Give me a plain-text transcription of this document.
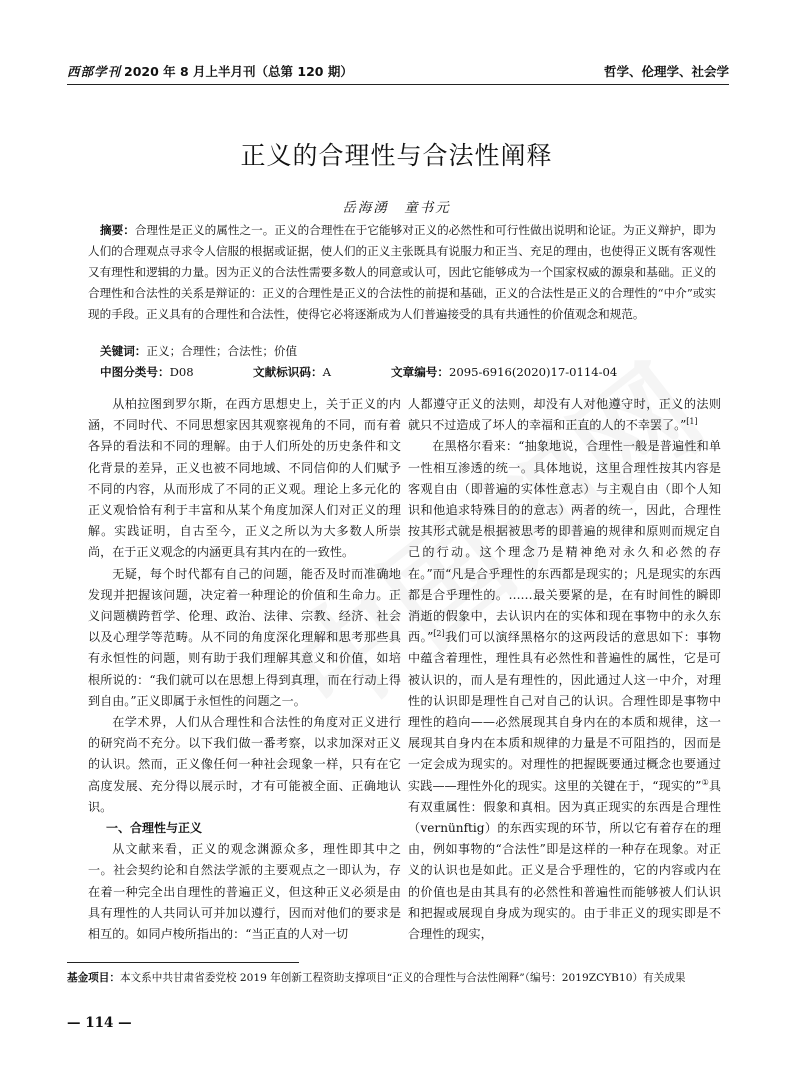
西部学刊 2020 年 8 月上半月刊（总第 120 期）	哲学、伦理学、社会学
正义的合理性与合法性阐释
岳海湧　童书元
摘要：合理性是正义的属性之一。正义的合理性在于它能够对正义的必然性和可行性做出说明和论证。为正义辩护，即为人们的合理观点寻求令人信服的根据或证据，使人们的正义主张既具有说服力和正当、充足的理由，也使得正义既有客观性又有理性和逻辑的力量。因为正义的合法性需要多数人的同意或认可，因此它能够成为一个国家权威的源泉和基础。正义的合理性和合法性的关系是辩证的：正义的合理性是正义的合法性的前提和基础，正义的合法性是正义的合理性的“中介”或实现的手段。正义具有的合理性和合法性，使得它必将逐渐成为人们普遍接受的具有共通性的价值观念和规范。
关键词：正义；合理性；合法性；价值
中图分类号：D08	文献标识码：A	文章编号：2095-6916(2020)17-0114-04

从柏拉图到罗尔斯，在西方思想史上，关于正义的内涵，不同时代、不同思想家因其观察视角的不同，而有着各异的看法和不同的理解。由于人们所处的历史条件和文化背景的差异，正义也被不同地域、不同信仰的人们赋予不同的内容，从而形成了不同的正义观。理论上多元化的正义观恰恰有利于丰富和从某个角度加深人们对正义的理解。实践证明，自古至今，正义之所以为大多数人所崇尚，在于正义观念的内涵更具有其内在的一致性。

无疑，每个时代都有自己的问题，能否及时而准确地发现并把握该问题，决定着一种理论的价值和生命力。正义问题横跨哲学、伦理、政治、法律、宗教、经济、社会以及心理学等范畴。从不同的角度深化理解和思考那些具有永恒性的问题，则有助于我们理解其意义和价值，如培根所说的：“我们就可以在思想上得到真理，而在行动上得到自由。”正义即属于永恒性的问题之一。

在学术界，人们从合理性和合法性的角度对正义进行的研究尚不充分。以下我们做一番考察，以求加深对正义的认识。然而，正义像任何一种社会现象一样，只有在它高度发展、充分得以展示时，才有可能被全面、正确地认识。

一、合理性与正义

从文献来看，正义的观念渊源众多，理性即其中之一。社会契约论和自然法学派的主要观点之一即认为，存在着一种完全出自理性的普遍正义，但这种正义必须是由具有理性的人共同认可并加以遵行，因而对他们的要求是相互的。如同卢梭所指出的：“当正直的人对一切

人都遵守正义的法则，却没有人对他遵守时，正义的法则就只不过造成了坏人的幸福和正直的人的不幸罢了。”[1]

在黑格尔看来：“抽象地说，合理性一般是普遍性和单一性相互渗透的统一。具体地说，这里合理性按其内容是客观自由（即普遍的实体性意志）与主观自由（即个人知识和他追求特殊目的的意志）两者的统一，因此，合理性按其形式就是根据被思考的即普遍的规律和原则而规定自己的行动。这个理念乃是精神绝对永久和必然的存在。”而“凡是合乎理性的东西都是现实的；凡是现实的东西都是合乎理性的。……最关要紧的是，在有时间性的瞬即消逝的假象中，去认识内在的实体和现在事物中的永久东西。”[2]我们可以演绎黑格尔的这两段话的意思如下：事物中蕴含着理性，理性具有必然性和普遍性的属性，它是可被认识的，而人是有理性的，因此通过人这一中介，对理性的认识即是理性自己对自己的认识。合理性即是事物中理性的趋向——必然展现其自身内在的本质和规律，这一展现其自身内在本质和规律的力量是不可阻挡的，因而是一定会成为现实的。对理性的把握既要通过概念也要通过实践——理性外化的现实。这里的关键在于，“现实的”①具有双重属性：假象和真相。因为真正现实的东西是合理性（vernünftig）的东西实现的环节，所以它有着存在的理由，例如事物的“合法性”即是这样的一种存在现象。对正义的认识也是如此。正义是合乎理性的，它的内容或内在的价值也是由其具有的必然性和普遍性而能够被人们认识和把握或展现自身成为现实的。由于非正义的现实即是不合理性的现实，

基金项目：本文系中共甘肃省委党校 2019 年创新工程资助支撑项目“正义的合理性与合法性阐释”（编号：2019ZCYB10）有关成果
— 114 —
